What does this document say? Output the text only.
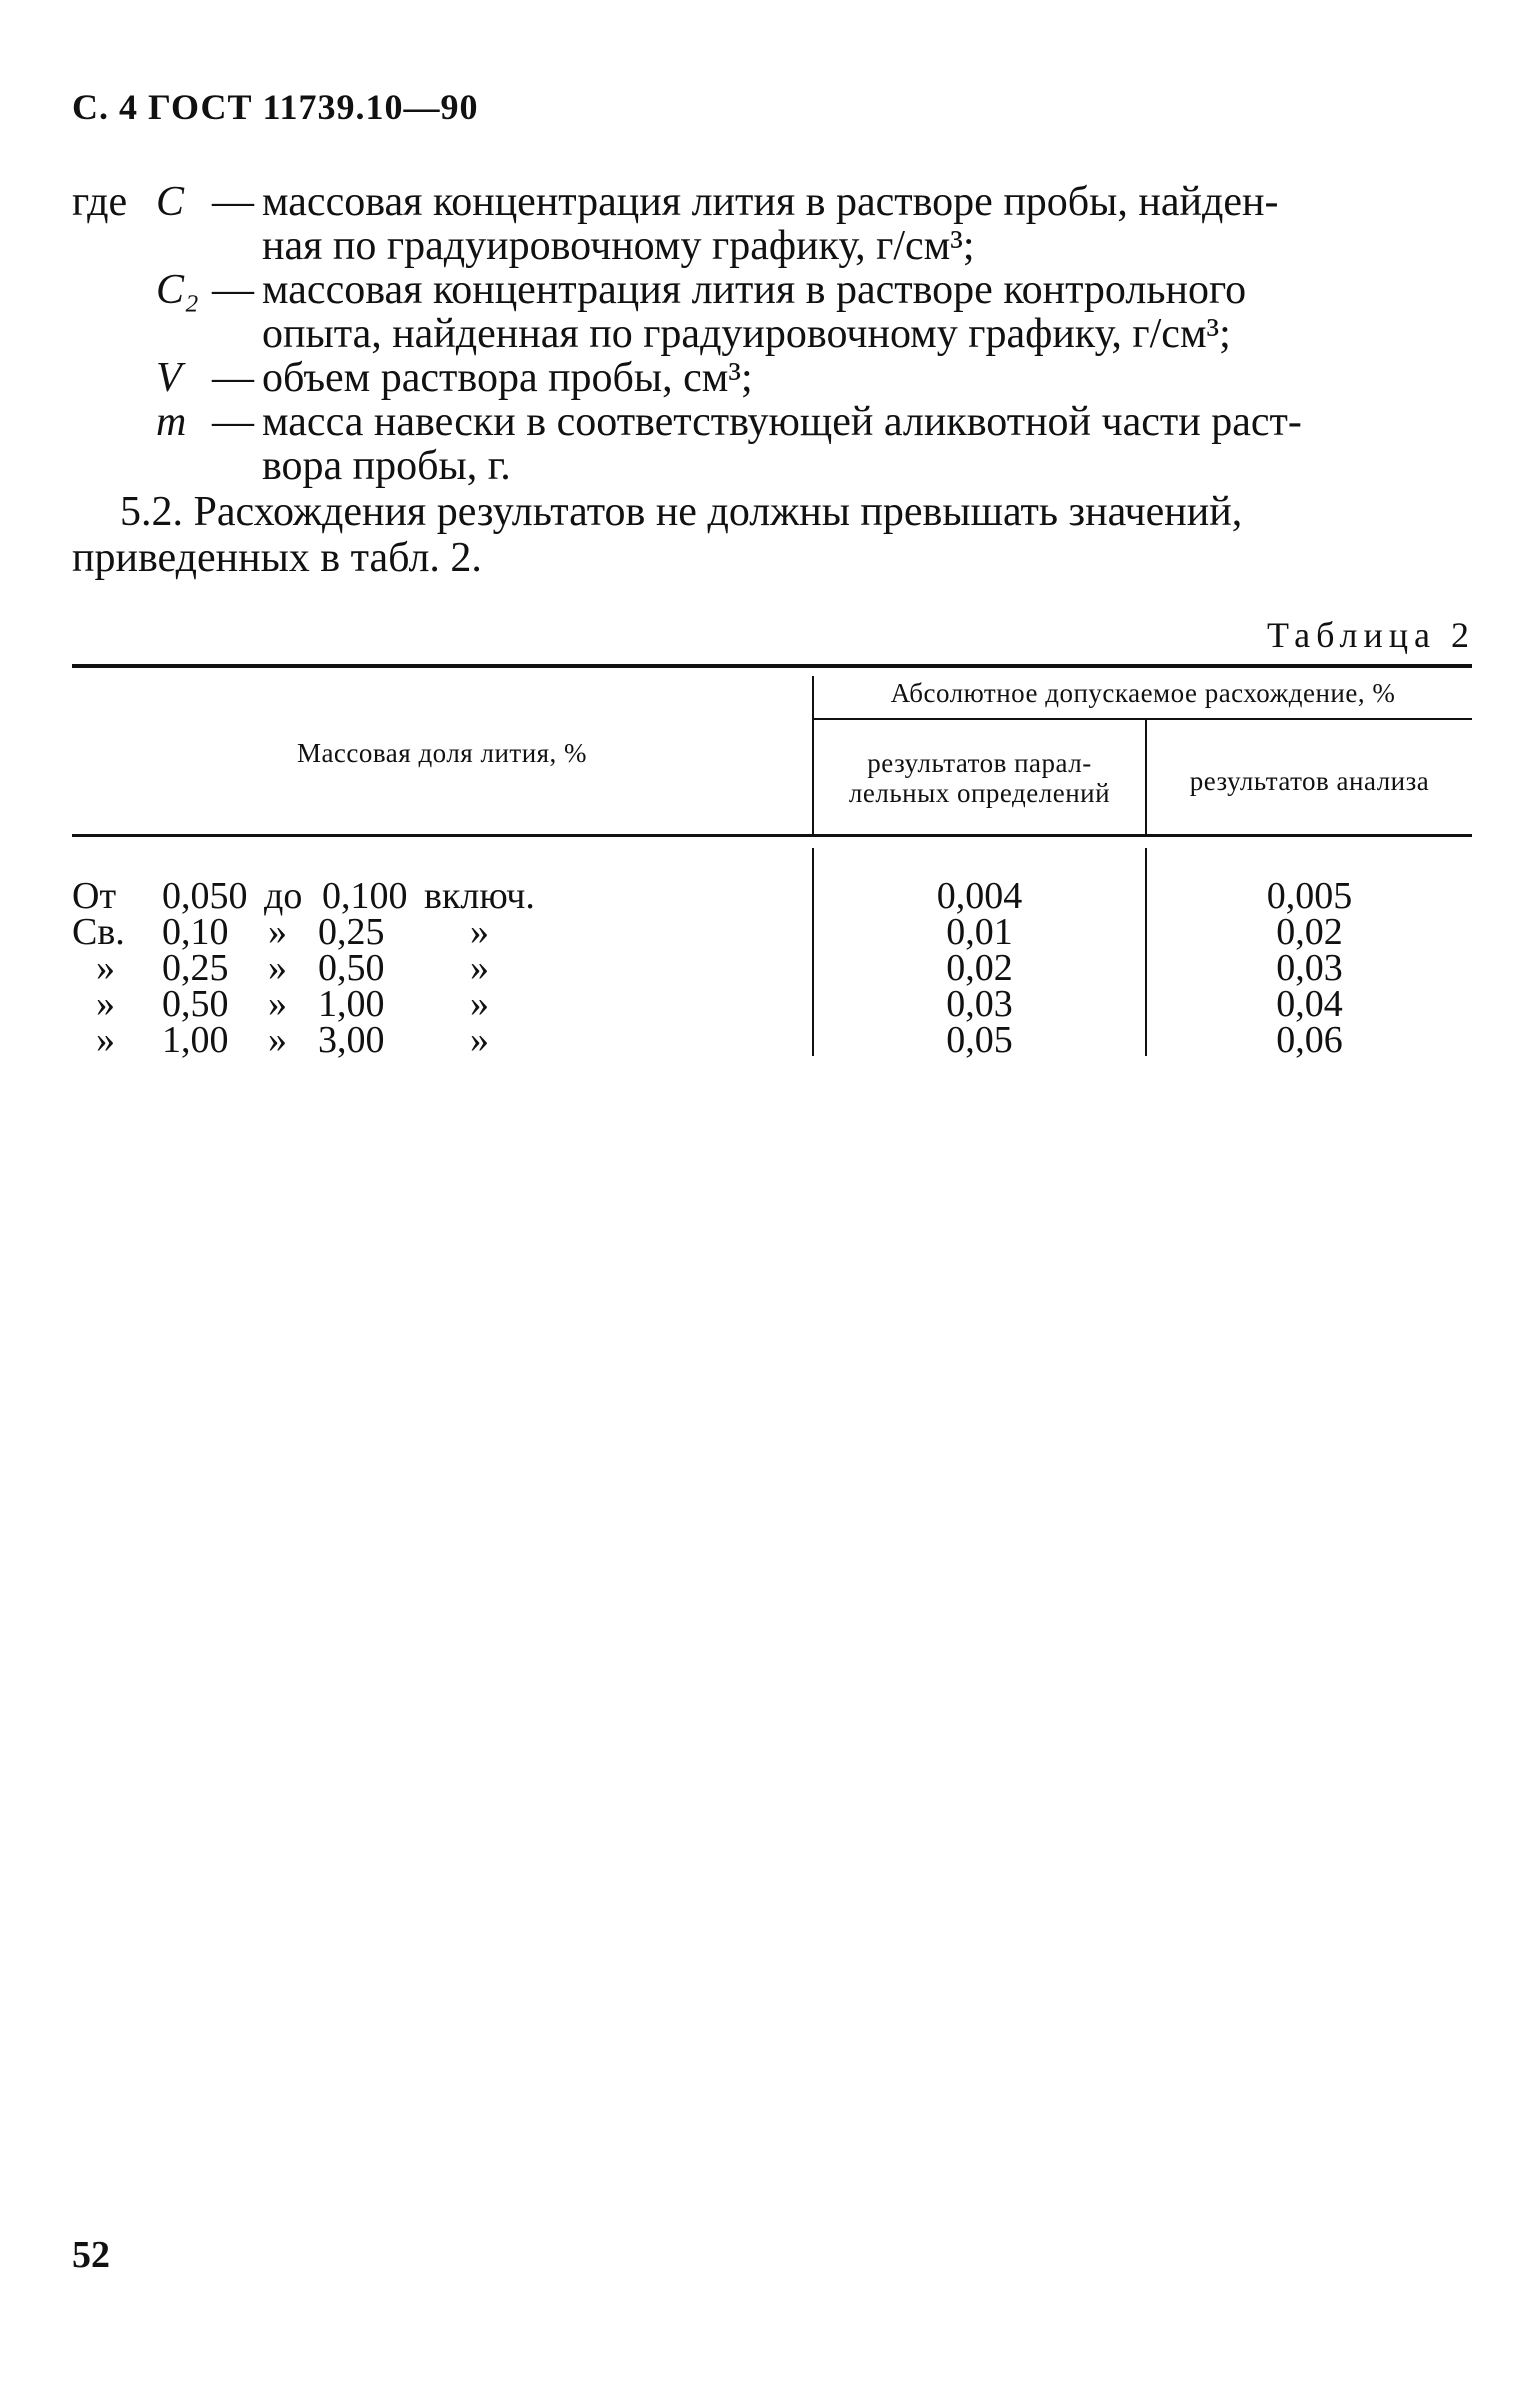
С. 4 ГОСТ 11739.10—90
где C — массовая концентрация лития в растворе пробы, найден-
ная по градуировочному графику, г/см³;
C₂ — массовая концентрация лития в растворе контрольного
опыта, найденная по градуировочному графику, г/см³;
V — объем раствора пробы, см³;
m — масса навески в соответствующей аликвотной части раст-
вора пробы, г.
5.2. Расхождения результатов не должны превышать значений,
приведенных в табл. 2.
Таблица 2
Массовая доля лития, %
Абсолютное допускаемое расхождение, %
результатов парал-
лельных определений	результатов анализа
От 0,050 до 0,100 включ.	0,004	0,005
Св. 0,10 » 0,25 »	0,01	0,02
» 0,25 » 0,50 »	0,02	0,03
» 0,50 » 1,00 »	0,03	0,04
» 1,00 » 3,00 »	0,05	0,06
52
